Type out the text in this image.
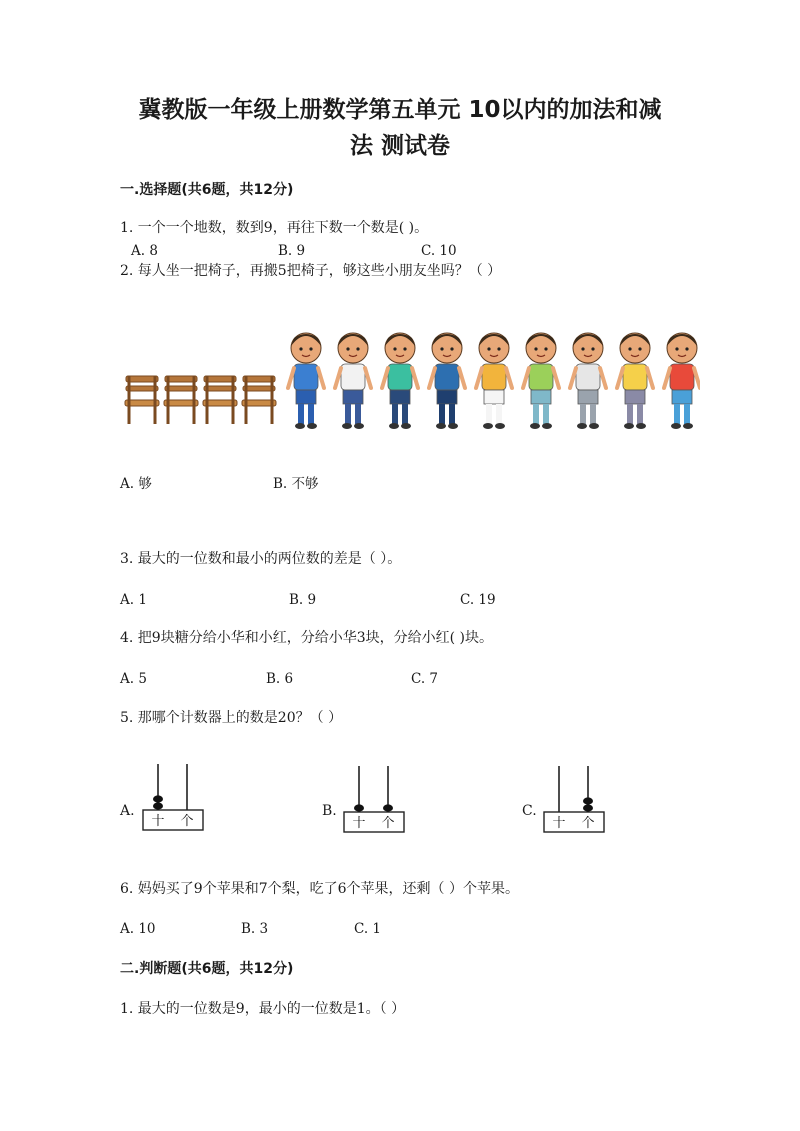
冀教版一年级上册数学第五单元 10以内的加法和减
法 测试卷
一.选择题(共6题，共12分)
1. 一个一个地数，数到9，再往下数一个数是( )。
A. 8	B. 9	C. 10
2. 每人坐一把椅子，再搬5把椅子，够这些小朋友坐吗？（ ）
A. 够	B. 不够
3. 最大的一位数和最小的两位数的差是（ ）。
A. 1	B. 9	C. 19
4. 把9块糖分给小华和小红，分给小华3块，分给小红( )块。
A. 5	B. 6	C. 7
5. 那哪个计数器上的数是20？（ ）
A.
十 个
B.
十 个
C.
十 个
6. 妈妈买了9个苹果和7个梨，吃了6个苹果，还剩（ ）个苹果。
A. 10	B. 3	C. 1
二.判断题(共6题，共12分)
1. 最大的一位数是9，最小的一位数是1。（ ）
